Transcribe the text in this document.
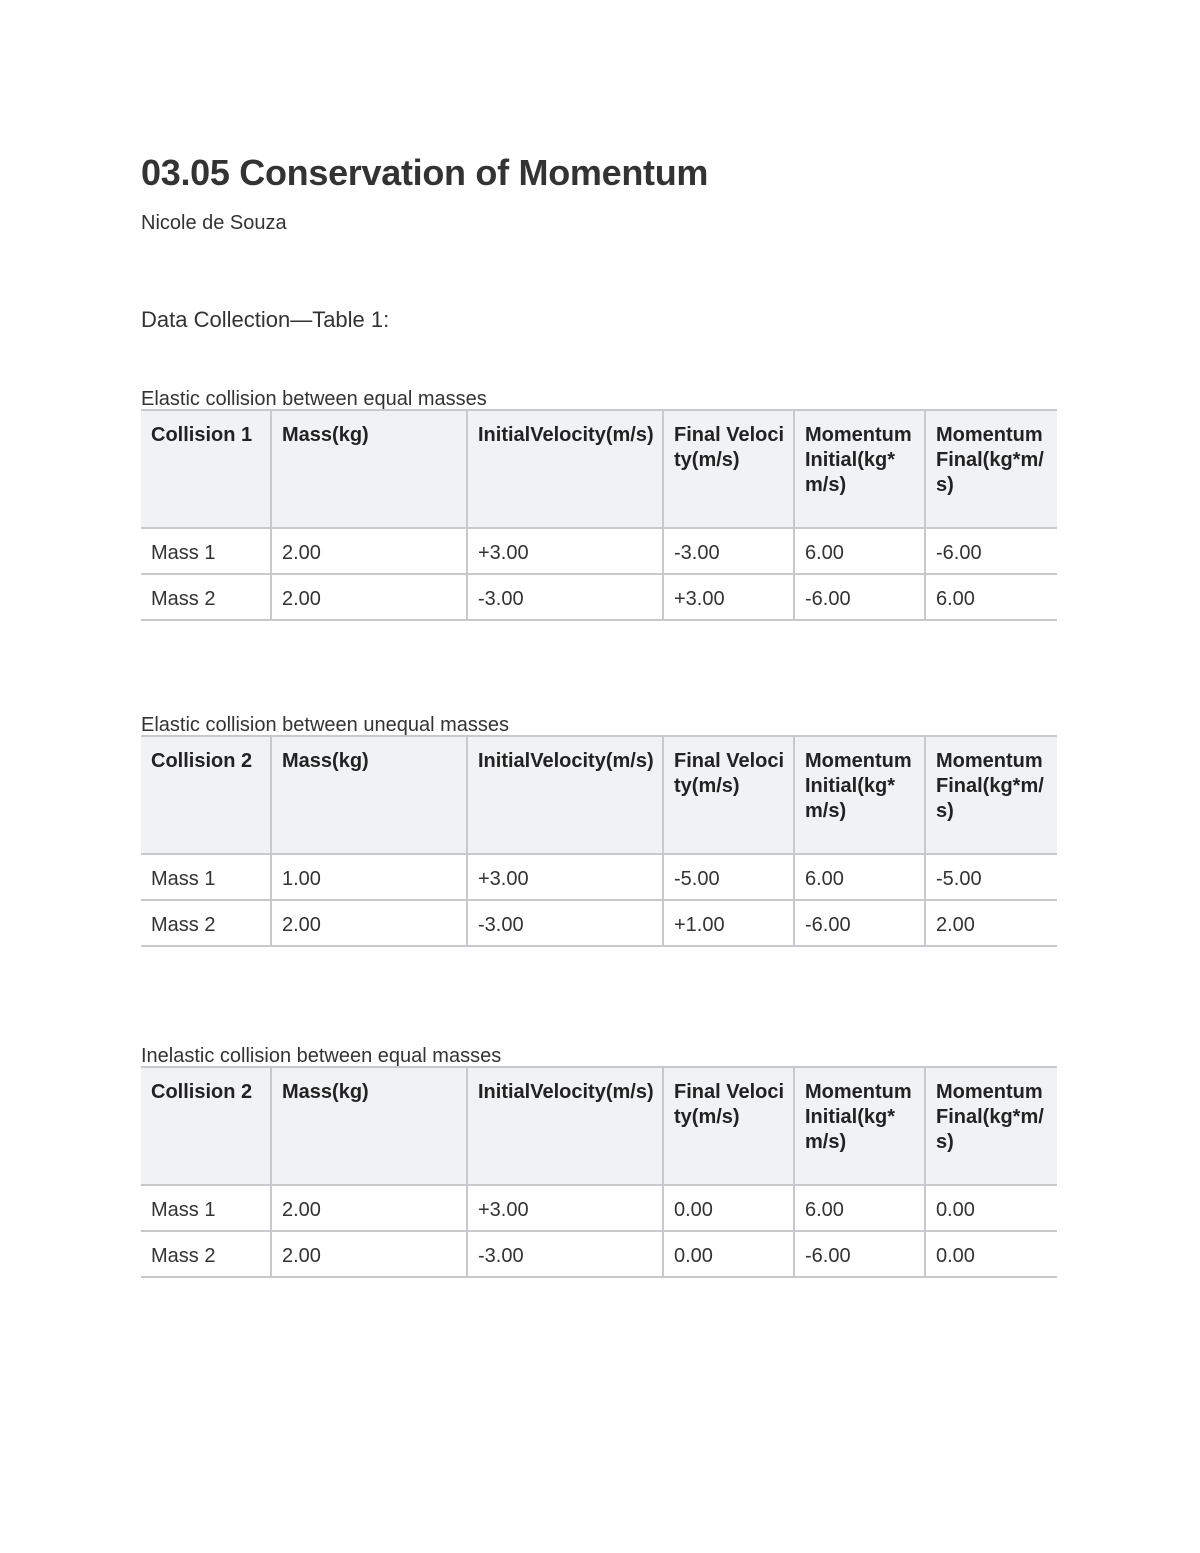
03.05 Conservation of Momentum
Nicole de Souza
Data Collection—Table 1:
Elastic collision between equal masses
Collision 1	Mass(kg)	InitialVelocity(m/s)	Final Velocity(m/s)	Momentum Initial(kg*m/s)	Momentum Final(kg*m/s)
Mass 1	2.00	+3.00	-3.00	6.00	-6.00
Mass 2	2.00	-3.00	+3.00	-6.00	6.00
Elastic collision between unequal masses
Collision 2	Mass(kg)	InitialVelocity(m/s)	Final Velocity(m/s)	Momentum Initial(kg*m/s)	Momentum Final(kg*m/s)
Mass 1	1.00	+3.00	-5.00	6.00	-5.00
Mass 2	2.00	-3.00	+1.00	-6.00	2.00
Inelastic collision between equal masses
Collision 2	Mass(kg)	InitialVelocity(m/s)	Final Velocity(m/s)	Momentum Initial(kg*m/s)	Momentum Final(kg*m/s)
Mass 1	2.00	+3.00	0.00	6.00	0.00
Mass 2	2.00	-3.00	0.00	-6.00	0.00
